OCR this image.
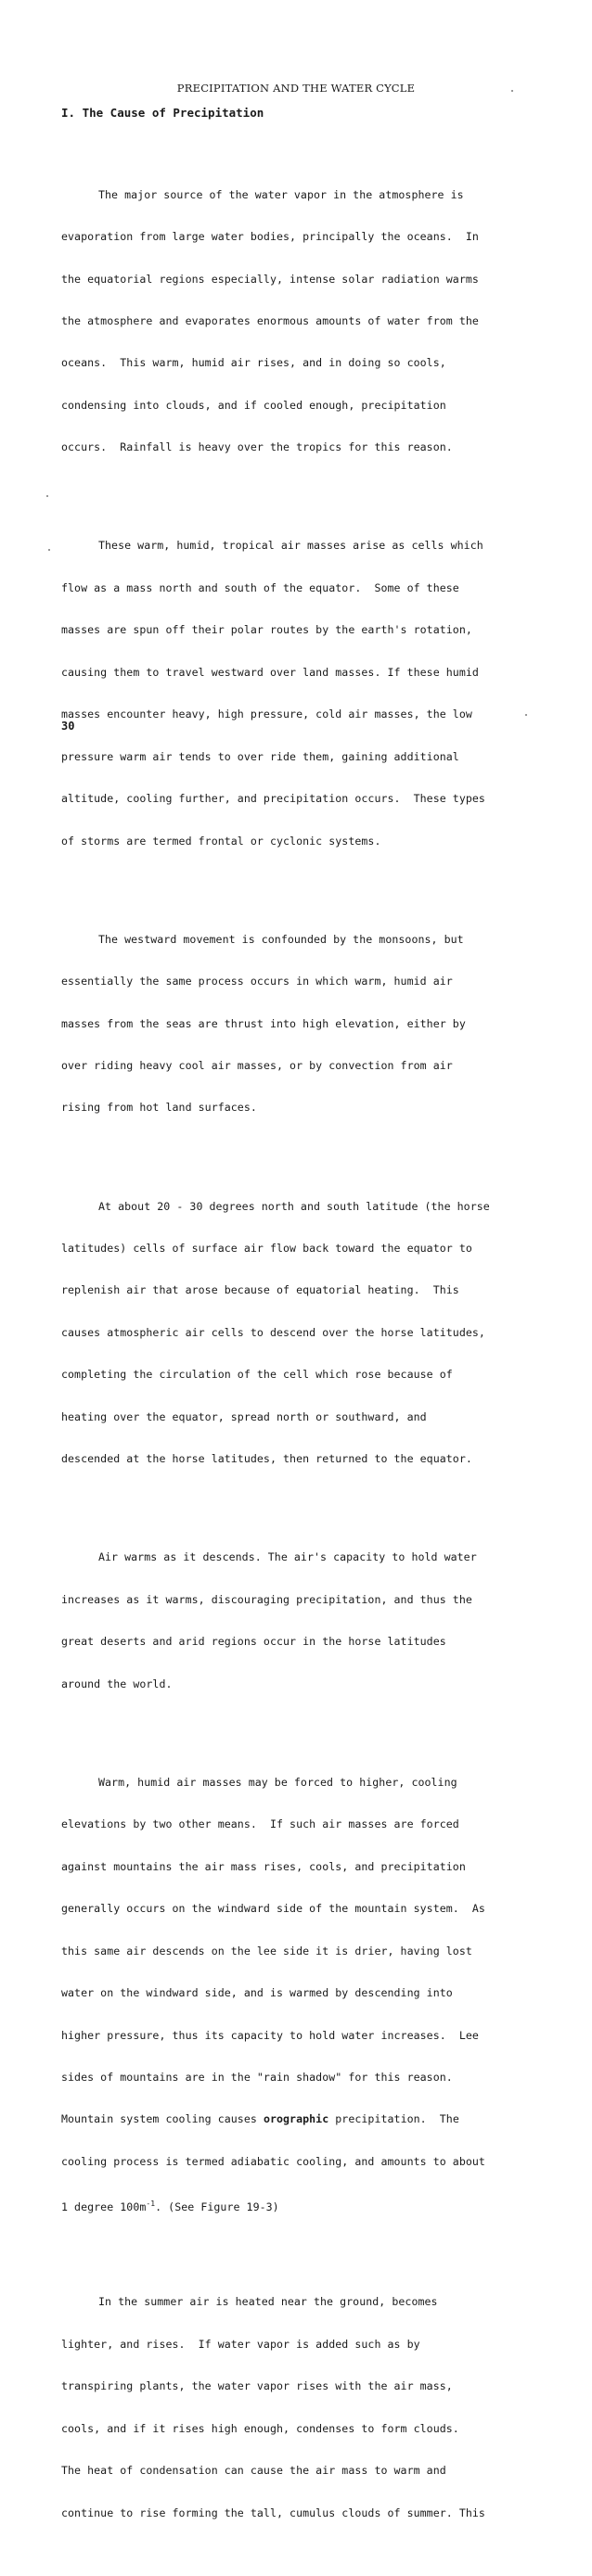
PRECIPITATION AND THE WATER CYCLE
I. The Cause of Precipitation

The major source of the water vapor in the atmosphere is

evaporation from large water bodies, principally the oceans.  In

the equatorial regions especially, intense solar radiation warms

the atmosphere and evaporates enormous amounts of water from the

oceans.  This warm, humid air rises, and in doing so cools,

condensing into clouds, and if cooled enough, precipitation

occurs.  Rainfall is heavy over the tropics for this reason.

These warm, humid, tropical air masses arise as cells which

flow as a mass north and south of the equator.  Some of these

masses are spun off their polar routes by the earth's rotation,

causing them to travel westward over land masses. If these humid

masses encounter heavy, high pressure, cold air masses, the low

pressure warm air tends to over ride them, gaining additional

altitude, cooling further, and precipitation occurs.  These types

of storms are termed frontal or cyclonic systems.

The westward movement is confounded by the monsoons, but

essentially the same process occurs in which warm, humid air

masses from the seas are thrust into high elevation, either by

over riding heavy cool air masses, or by convection from air

rising from hot land surfaces.

At about 20 - 30 degrees north and south latitude (the horse

latitudes) cells of surface air flow back toward the equator to

replenish air that arose because of equatorial heating.  This

causes atmospheric air cells to descend over the horse latitudes,

completing the circulation of the cell which rose because of

heating over the equator, spread north or southward, and

descended at the horse latitudes, then returned to the equator.

Air warms as it descends. The air's capacity to hold water

increases as it warms, discouraging precipitation, and thus the

great deserts and arid regions occur in the horse latitudes

around the world.

Warm, humid air masses may be forced to higher, cooling

elevations by two other means.  If such air masses are forced

against mountains the air mass rises, cools, and precipitation

generally occurs on the windward side of the mountain system.  As

this same air descends on the lee side it is drier, having lost

water on the windward side, and is warmed by descending into

higher pressure, thus its capacity to hold water increases.  Lee

sides of mountains are in the "rain shadow" for this reason.

Mountain system cooling causes orographic precipitation.  The

cooling process is termed adiabatic cooling, and amounts to about

1 degree $100m^{-1}$. (See Figure 19-3)

In the summer air is heated near the ground, becomes

lighter, and rises.  If water vapor is added such as by

transpiring plants, the water vapor rises with the air mass,

cools, and if it rises high enough, condenses to form clouds.

The heat of condensation can cause the air mass to warm and

continue to rise forming the tall, cumulus clouds of summer. This

30
